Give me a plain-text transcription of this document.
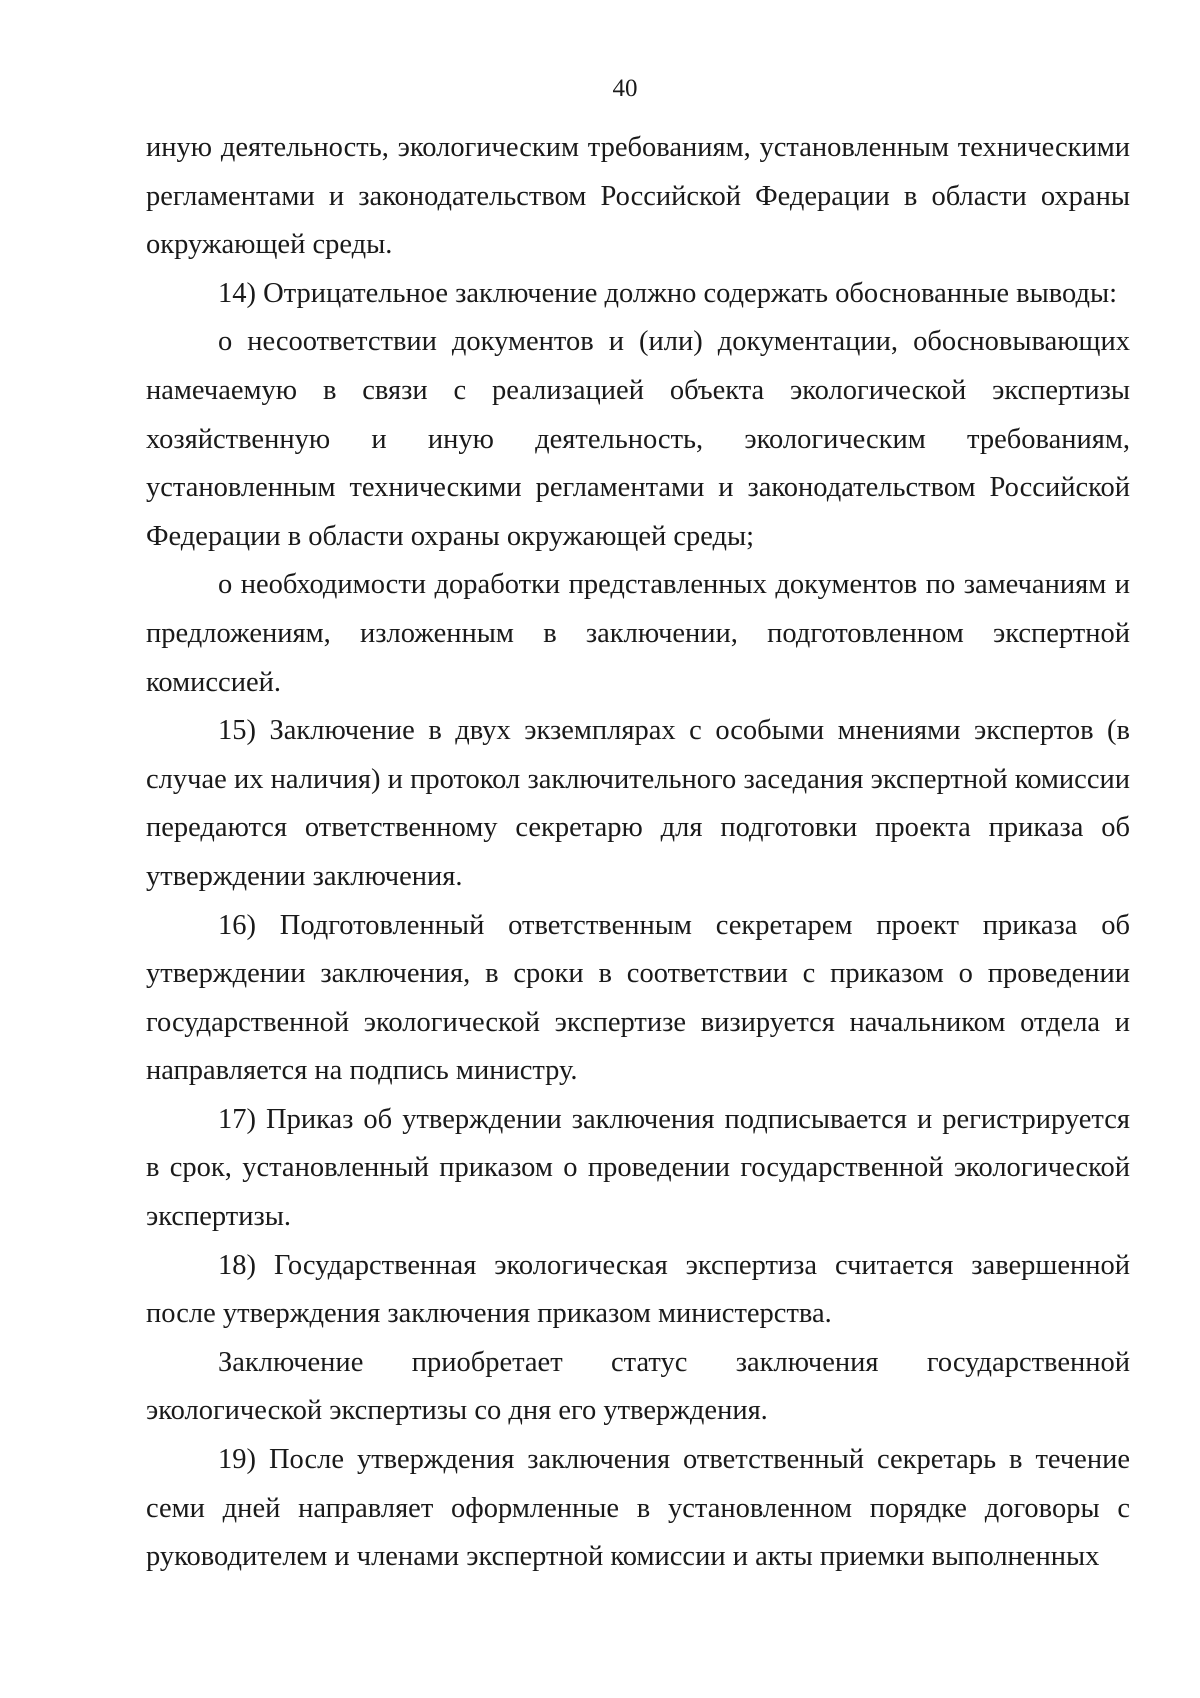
40

иную деятельность, экологическим требованиям, установленным техническими регламентами и законодательством Российской Федерации в области охраны окружающей среды.

14) Отрицательное заключение должно содержать обоснованные выводы:

о несоответствии документов и (или) документации, обосновывающих намечаемую в связи с реализацией объекта экологической экспертизы хозяйственную и иную деятельность, экологическим требованиям, установленным техническими регламентами и законодательством Российской Федерации в области охраны окружающей среды;

о необходимости доработки представленных документов по замечаниям и предложениям, изложенным в заключении, подготовленном экспертной комиссией.

15) Заключение в двух экземплярах с особыми мнениями экспертов (в случае их наличия) и протокол заключительного заседания экспертной комиссии передаются ответственному секретарю для подготовки проекта приказа об утверждении заключения.

16) Подготовленный ответственным секретарем проект приказа об утверждении заключения, в сроки в соответствии с приказом о проведении государственной экологической экспертизе визируется начальником отдела и направляется на подпись министру.

17) Приказ об утверждении заключения подписывается и регистрируется в срок, установленный приказом о проведении государственной экологической экспертизы.

18) Государственная экологическая экспертиза считается завершенной после утверждения заключения приказом министерства.

Заключение приобретает статус заключения государственной экологической экспертизы со дня его утверждения.

19) После утверждения заключения ответственный секретарь в течение семи дней направляет оформленные в установленном порядке договоры с руководителем и членами экспертной комиссии и акты приемки выполненных
